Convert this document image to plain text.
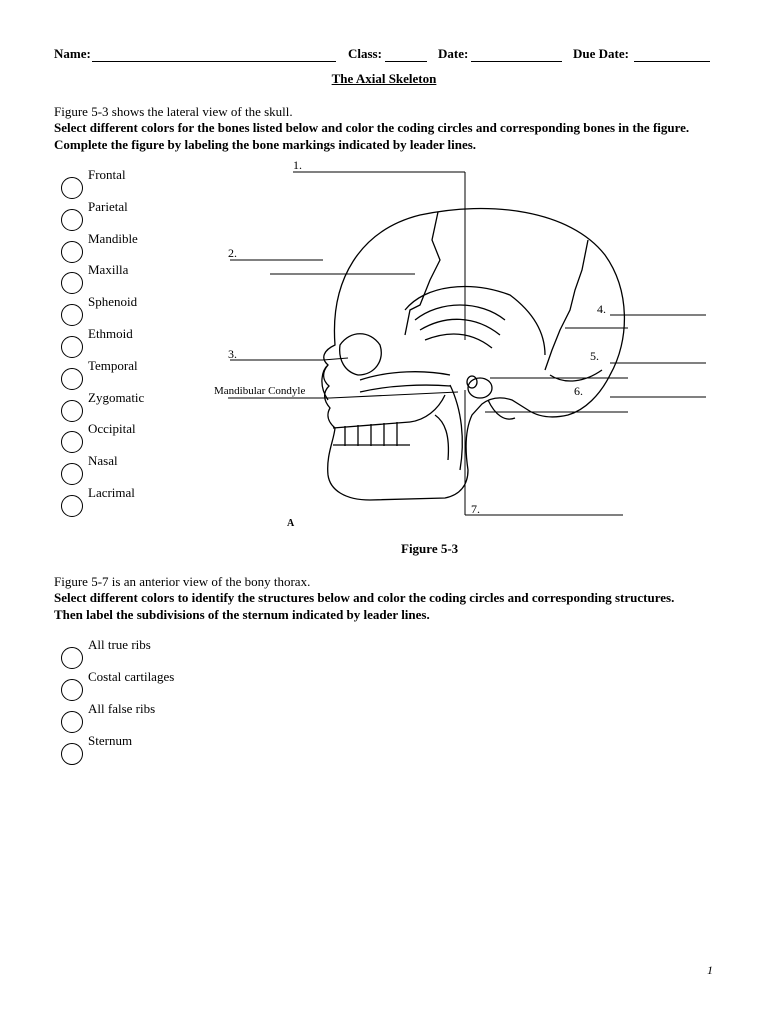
Name:	Class:	Date:	Due Date:
The Axial Skeleton
Figure 5-3 shows the lateral view of the skull.
Select different colors for the bones listed below and color the coding circles and corresponding bones in the figure. Complete the figure by labeling the bone markings indicated by leader lines.
Frontal
Parietal
Mandible
Maxilla
Sphenoid
Ethmoid
Temporal
Zygomatic
Occipital
Nasal
Lacrimal
1.
2.
3.
Mandibular Condyle
4.
5.
6.
7.
A
Figure 5-3
Figure 5-7 is an anterior view of the bony thorax.
Select different colors to identify the structures below and color the coding circles and corresponding structures. Then label the subdivisions of the sternum indicated by leader lines.
All true ribs
Costal cartilages
All false ribs
Sternum
1
